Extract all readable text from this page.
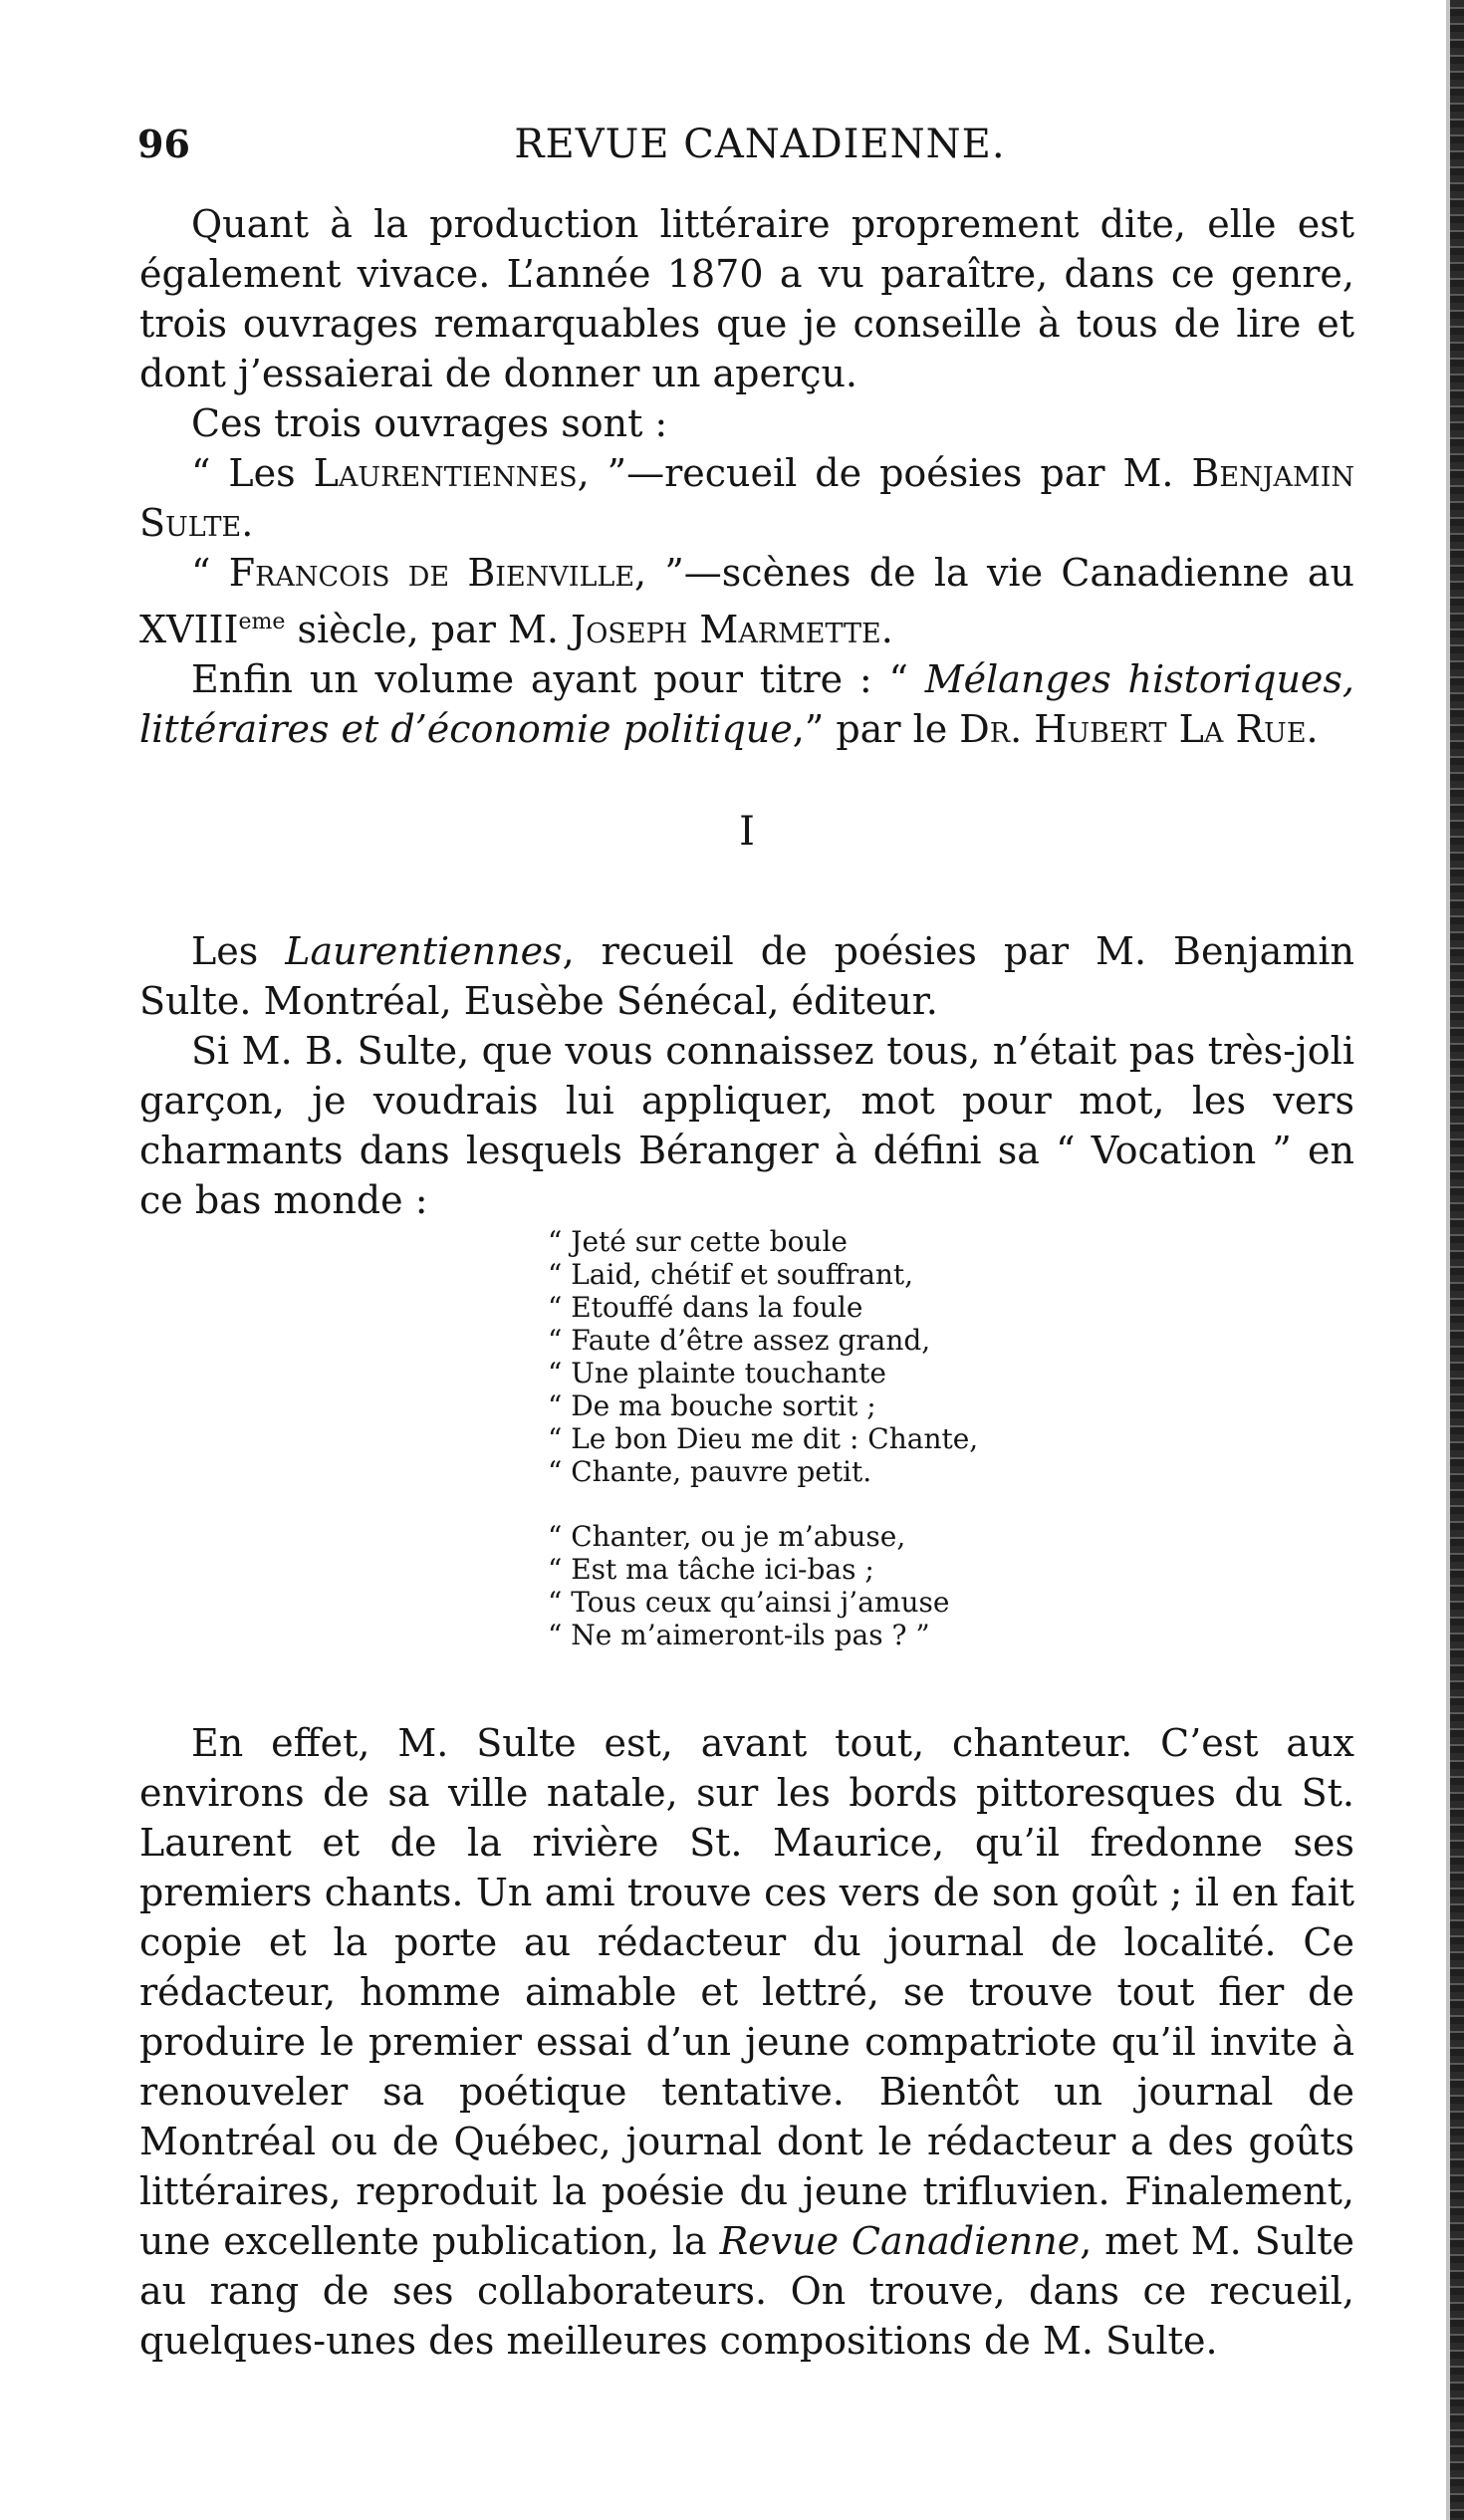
96	REVUE CANADIENNE.

Quant à la production littéraire proprement dite, elle est également vivace. L’année 1870 a vu paraître, dans ce genre, trois ouvrages remarquables que je conseille à tous de lire et dont j’essaierai de donner un aperçu.

Ces trois ouvrages sont :

“ Les Laurentiennes, ”—recueil de poésies par M. Benjamin Sulte.

“ Francois de Bienville, ”—scènes de la vie Canadienne au XVIIIeme siècle, par M. Joseph Marmette.

Enfin un volume ayant pour titre : “ Mélanges historiques, littéraires et d’économie politique,” par le Dr. Hubert La Rue.

I

Les Laurentiennes, recueil de poésies par M. Benjamin Sulte. Montréal, Eusèbe Sénécal, éditeur.

Si M. B. Sulte, que vous connaissez tous, n’était pas très-joli garçon, je voudrais lui appliquer, mot pour mot, les vers charmants dans lesquels Béranger à défini sa “ Vocation ” en ce bas monde :

“ Jeté sur cette boule
“ Laid, chétif et souffrant,
“ Etouffé dans la foule
“ Faute d’être assez grand,
“ Une plainte touchante
“ De ma bouche sortit ;
“ Le bon Dieu me dit : Chante,
“ Chante, pauvre petit.
“ Chanter, ou je m’abuse,
“ Est ma tâche ici-bas ;
“ Tous ceux qu’ainsi j’amuse
“ Ne m’aimeront-ils pas ? ”

En effet, M. Sulte est, avant tout, chanteur. C’est aux environs de sa ville natale, sur les bords pittoresques du St. Laurent et de la rivière St. Maurice, qu’il fredonne ses premiers chants. Un ami trouve ces vers de son goût ; il en fait copie et la porte au rédacteur du journal de localité. Ce rédacteur, homme aimable et lettré, se trouve tout fier de produire le premier essai d’un jeune compatriote qu’il invite à renouveler sa poétique tentative. Bientôt un journal de Montréal ou de Québec, journal dont le rédacteur a des goûts littéraires, reproduit la poésie du jeune trifluvien. Finalement, une excellente publication, la Revue Canadienne, met M. Sulte au rang de ses collaborateurs. On trouve, dans ce recueil, quelques-unes des meilleures compositions de M. Sulte.
